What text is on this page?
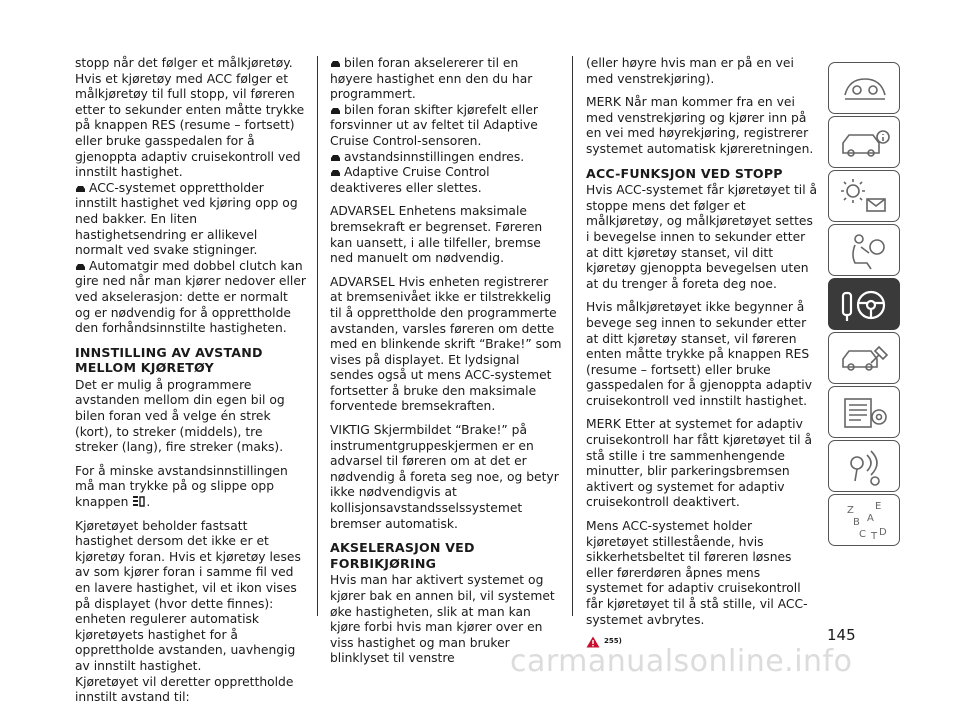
stopp når det følger et målkjøretøy. Hvis et kjøretøy med ACC følger et målkjøretøy til full stopp, vil føreren etter to sekunder enten måtte trykke på knappen RES (resume – fortsett) eller bruke gasspedalen for å gjenoppta adaptiv cruisekontroll ved innstilt hastighet.

ACC-systemet opprettholder innstilt hastighet ved kjøring opp og ned bakker. En liten hastighetsendring er allikevel normalt ved svake stigninger.

Automatgir med dobbel clutch kan gire ned når man kjører nedover eller ved akselerasjon: dette er normalt og er nødvendig for å opprettholde den forhåndsinnstilte hastigheten.

INNSTILLING AV AVSTAND MELLOM KJØRETØY

Det er mulig å programmere avstanden mellom din egen bil og bilen foran ved å velge én strek (kort), to streker (middels), tre streker (lang), fire streker (maks).

For å minske avstandsinnstillingen må man trykke på og slippe opp knappen .

Kjøretøyet beholder fastsatt hastighet dersom det ikke er et kjøretøy foran. Hvis et kjøretøy leses av som kjører foran i samme fil ved en lavere hastighet, vil et ikon vises på displayet (hvor dette finnes): enheten regulerer automatisk kjøretøyets hastighet for å opprettholde avstanden, uavhengig av innstilt hastighet.

Kjøretøyet vil deretter opprettholde innstilt avstand til:

bilen foran akselererer til en høyere hastighet enn den du har programmert.

bilen foran skifter kjørefelt eller forsvinner ut av feltet til Adaptive Cruise Control-sensoren.

avstandsinnstillingen endres.

Adaptive Cruise Control deaktiveres eller slettes.

ADVARSEL Enhetens maksimale bremsekraft er begrenset. Føreren kan uansett, i alle tilfeller, bremse ned manuelt om nødvendig.

ADVARSEL Hvis enheten registrerer at bremseniv​ået ikke er tilstrekkelig til å opprettholde den programmerte avstanden, varsles føreren om dette med en blinkende skrift “Brake!” som vises på displayet. Et lydsignal sendes også ut mens ACC-systemet fortsetter å bruke den maksimale forventede bremsekraften.

VIKTIG Skjermbildet “Brake!” på instrumentgruppeskjermen er en advarsel til føreren om at det er nødvendig å foreta seg noe, og betyr ikke nødvendigvis at kollisjonsavstandsselssystemet bremser automatisk.

AKSELERASJON VED FORBIKJØRING

Hvis man har aktivert systemet og kjører bak en annen bil, vil systemet øke hastigheten, slik at man kan kjøre forbi hvis man kjører over en viss hastighet og man bruker blinklyset til venstre

(eller høyre hvis man er på en vei med venstrekjøring).

MERK Når man kommer fra en vei med venstrekjøring og kjører inn på en vei med høyrekjøring, registrerer systemet automatisk kjøreretningen.

ACC-FUNKSJON VED STOPP

Hvis ACC-systemet får kjøretøyet til å stoppe mens det følger et målkjøretøy, og målkjøretøyet settes i bevegelse innen to sekunder etter at ditt kjøretøy stanset, vil ditt kjøretøy gjenoppta bevegelsen uten at du trenger å foreta deg noe.

Hvis målkjøretøyet ikke begynner å bevege seg innen to sekunder etter at ditt kjøretøy stanset, vil føreren enten måtte trykke på knappen RES (resume – fortsett) eller bruke gasspedalen for å gjenoppta adaptiv cruisekontroll ved innstilt hastighet.

MERK Etter at systemet for adaptiv cruisekontroll har fått kjøretøyet til å stå stille i tre sammenhengende minutter, blir parkeringsbremsen aktivert og systemet for adaptiv cruisekontroll deaktivert.

Mens ACC-systemet holder kjøretøyet stillestående, hvis sikkerhetsbeltet til føreren løsnes eller førerdøren åpnes mens systemet for adaptiv cruisekontroll får kjøretøyet til å stå stille, vil ACC-systemet avbrytes.

255)
Z E
B A
C D
T
145
carmanualsonline.info
